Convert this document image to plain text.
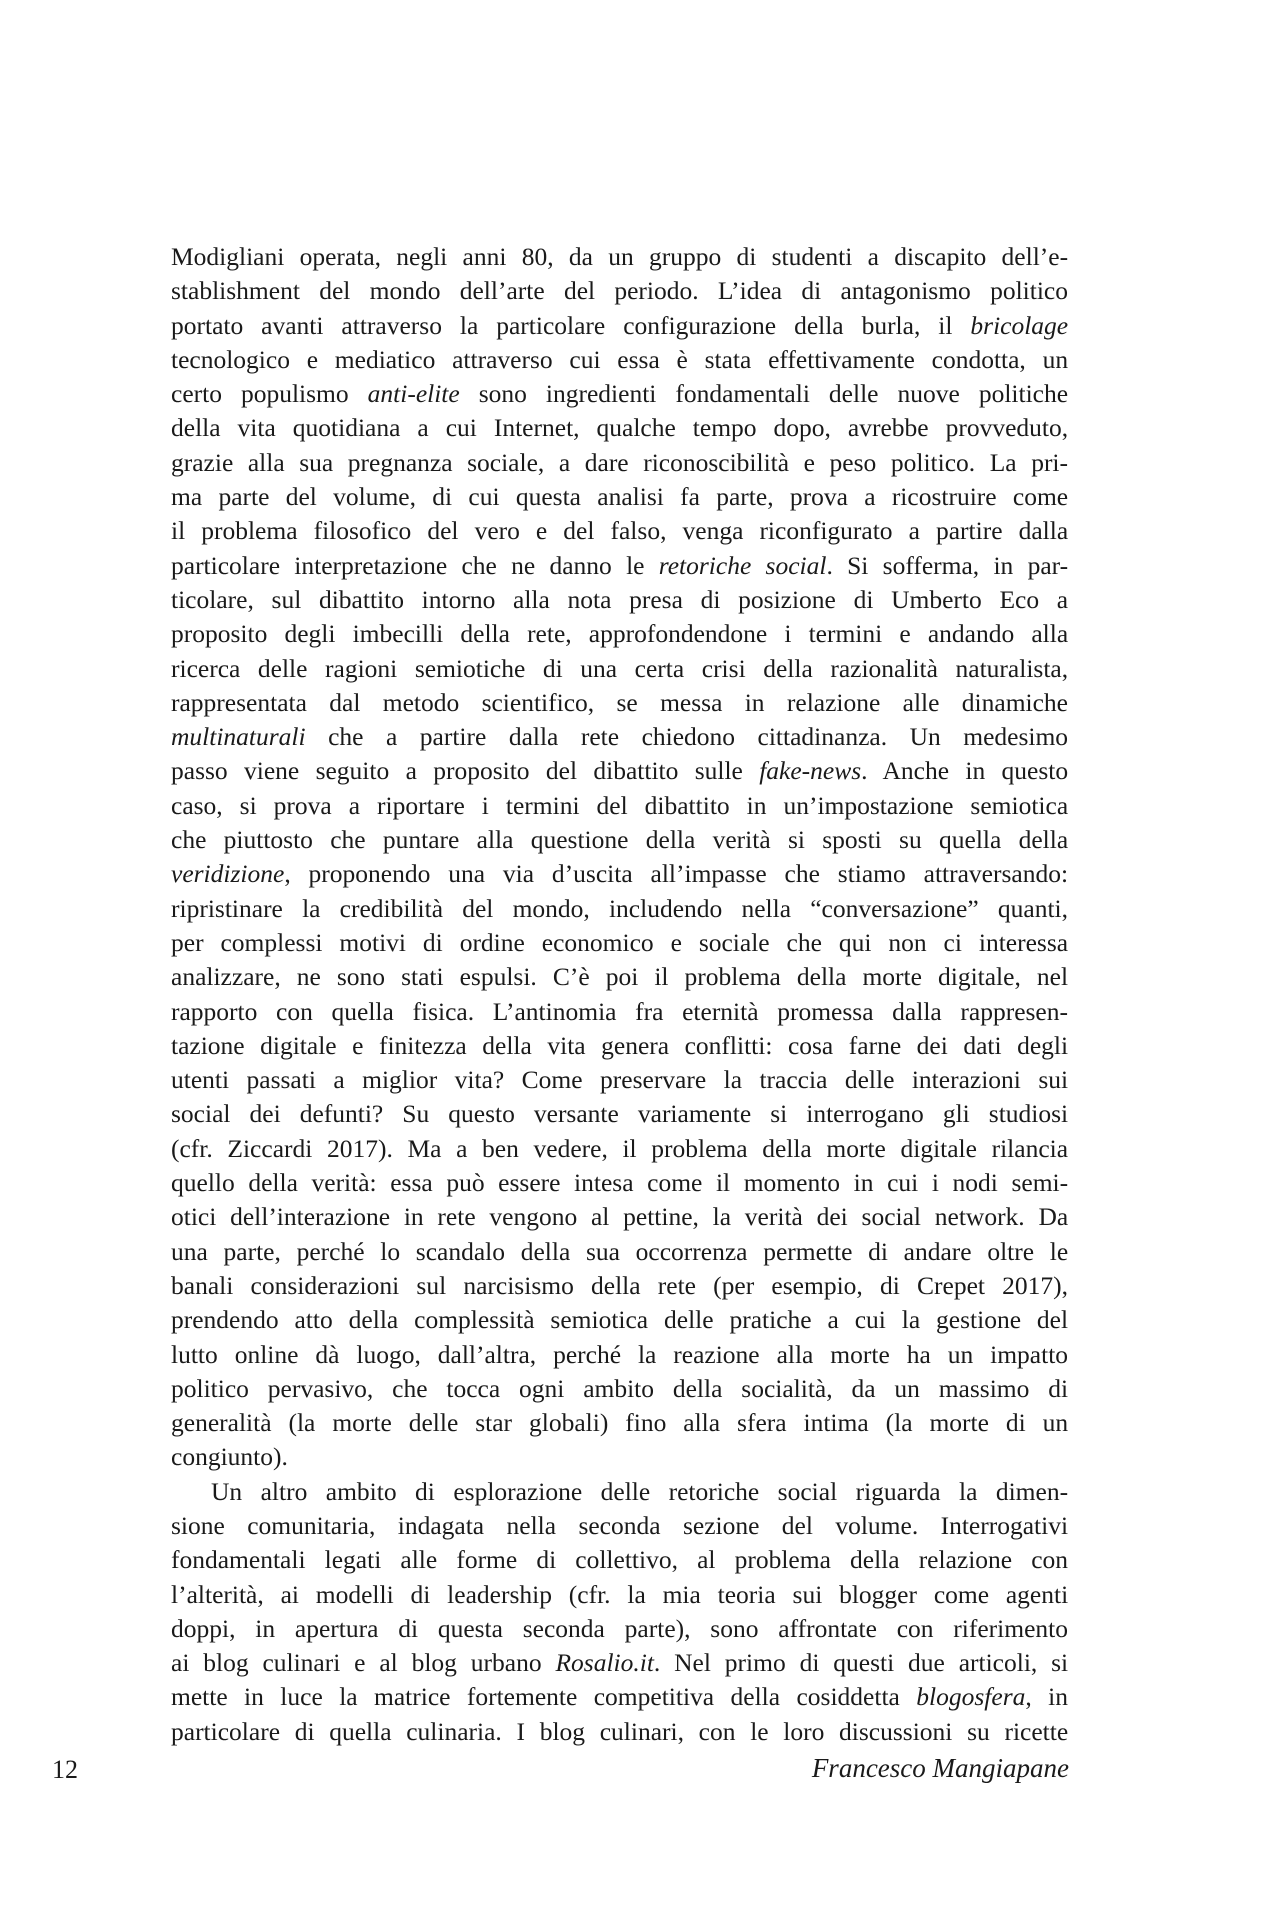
Modigliani operata, negli anni 80, da un gruppo di studenti a discapito dell’e-
stablishment del mondo dell’arte del periodo. L’idea di antagonismo politico
portato avanti attraverso la particolare configurazione della burla, il bricolage
tecnologico e mediatico attraverso cui essa è stata effettivamente condotta, un
certo populismo anti-elite sono ingredienti fondamentali delle nuove politiche
della vita quotidiana a cui Internet, qualche tempo dopo, avrebbe provveduto,
grazie alla sua pregnanza sociale, a dare riconoscibilità e peso politico. La pri-
ma parte del volume, di cui questa analisi fa parte, prova a ricostruire come
il problema filosofico del vero e del falso, venga riconfigurato a partire dalla
particolare interpretazione che ne danno le retoriche social. Si sofferma, in par-
ticolare, sul dibattito intorno alla nota presa di posizione di Umberto Eco a
proposito degli imbecilli della rete, approfondendone i termini e andando alla
ricerca delle ragioni semiotiche di una certa crisi della razionalità naturalista,
rappresentata dal metodo scientifico, se messa in relazione alle dinamiche
multinaturali che a partire dalla rete chiedono cittadinanza. Un medesimo
passo viene seguito a proposito del dibattito sulle fake-news. Anche in questo
caso, si prova a riportare i termini del dibattito in un’impostazione semiotica
che piuttosto che puntare alla questione della verità si sposti su quella della
veridizione, proponendo una via d’uscita all’impasse che stiamo attraversando:
ripristinare la credibilità del mondo, includendo nella “conversazione” quanti,
per complessi motivi di ordine economico e sociale che qui non ci interessa
analizzare, ne sono stati espulsi. C’è poi il problema della morte digitale, nel
rapporto con quella fisica. L’antinomia fra eternità promessa dalla rappresen-
tazione digitale e finitezza della vita genera conflitti: cosa farne dei dati degli
utenti passati a miglior vita? Come preservare la traccia delle interazioni sui
social dei defunti? Su questo versante variamente si interrogano gli studiosi
(cfr. Ziccardi 2017). Ma a ben vedere, il problema della morte digitale rilancia
quello della verità: essa può essere intesa come il momento in cui i nodi semi-
otici dell’interazione in rete vengono al pettine, la verità dei social network. Da
una parte, perché lo scandalo della sua occorrenza permette di andare oltre le
banali considerazioni sul narcisismo della rete (per esempio, di Crepet 2017),
prendendo atto della complessità semiotica delle pratiche a cui la gestione del
lutto online dà luogo, dall’altra, perché la reazione alla morte ha un impatto
politico pervasivo, che tocca ogni ambito della socialità, da un massimo di
generalità (la morte delle star globali) fino alla sfera intima (la morte di un
congiunto).
Un altro ambito di esplorazione delle retoriche social riguarda la dimen-
sione comunitaria, indagata nella seconda sezione del volume. Interrogativi
fondamentali legati alle forme di collettivo, al problema della relazione con
l’alterità, ai modelli di leadership (cfr. la mia teoria sui blogger come agenti
doppi, in apertura di questa seconda parte), sono affrontate con riferimento
ai blog culinari e al blog urbano Rosalio.it. Nel primo di questi due articoli, si
mette in luce la matrice fortemente competitiva della cosiddetta blogosfera, in
particolare di quella culinaria. I blog culinari, con le loro discussioni su ricette
12	Francesco Mangiapane
